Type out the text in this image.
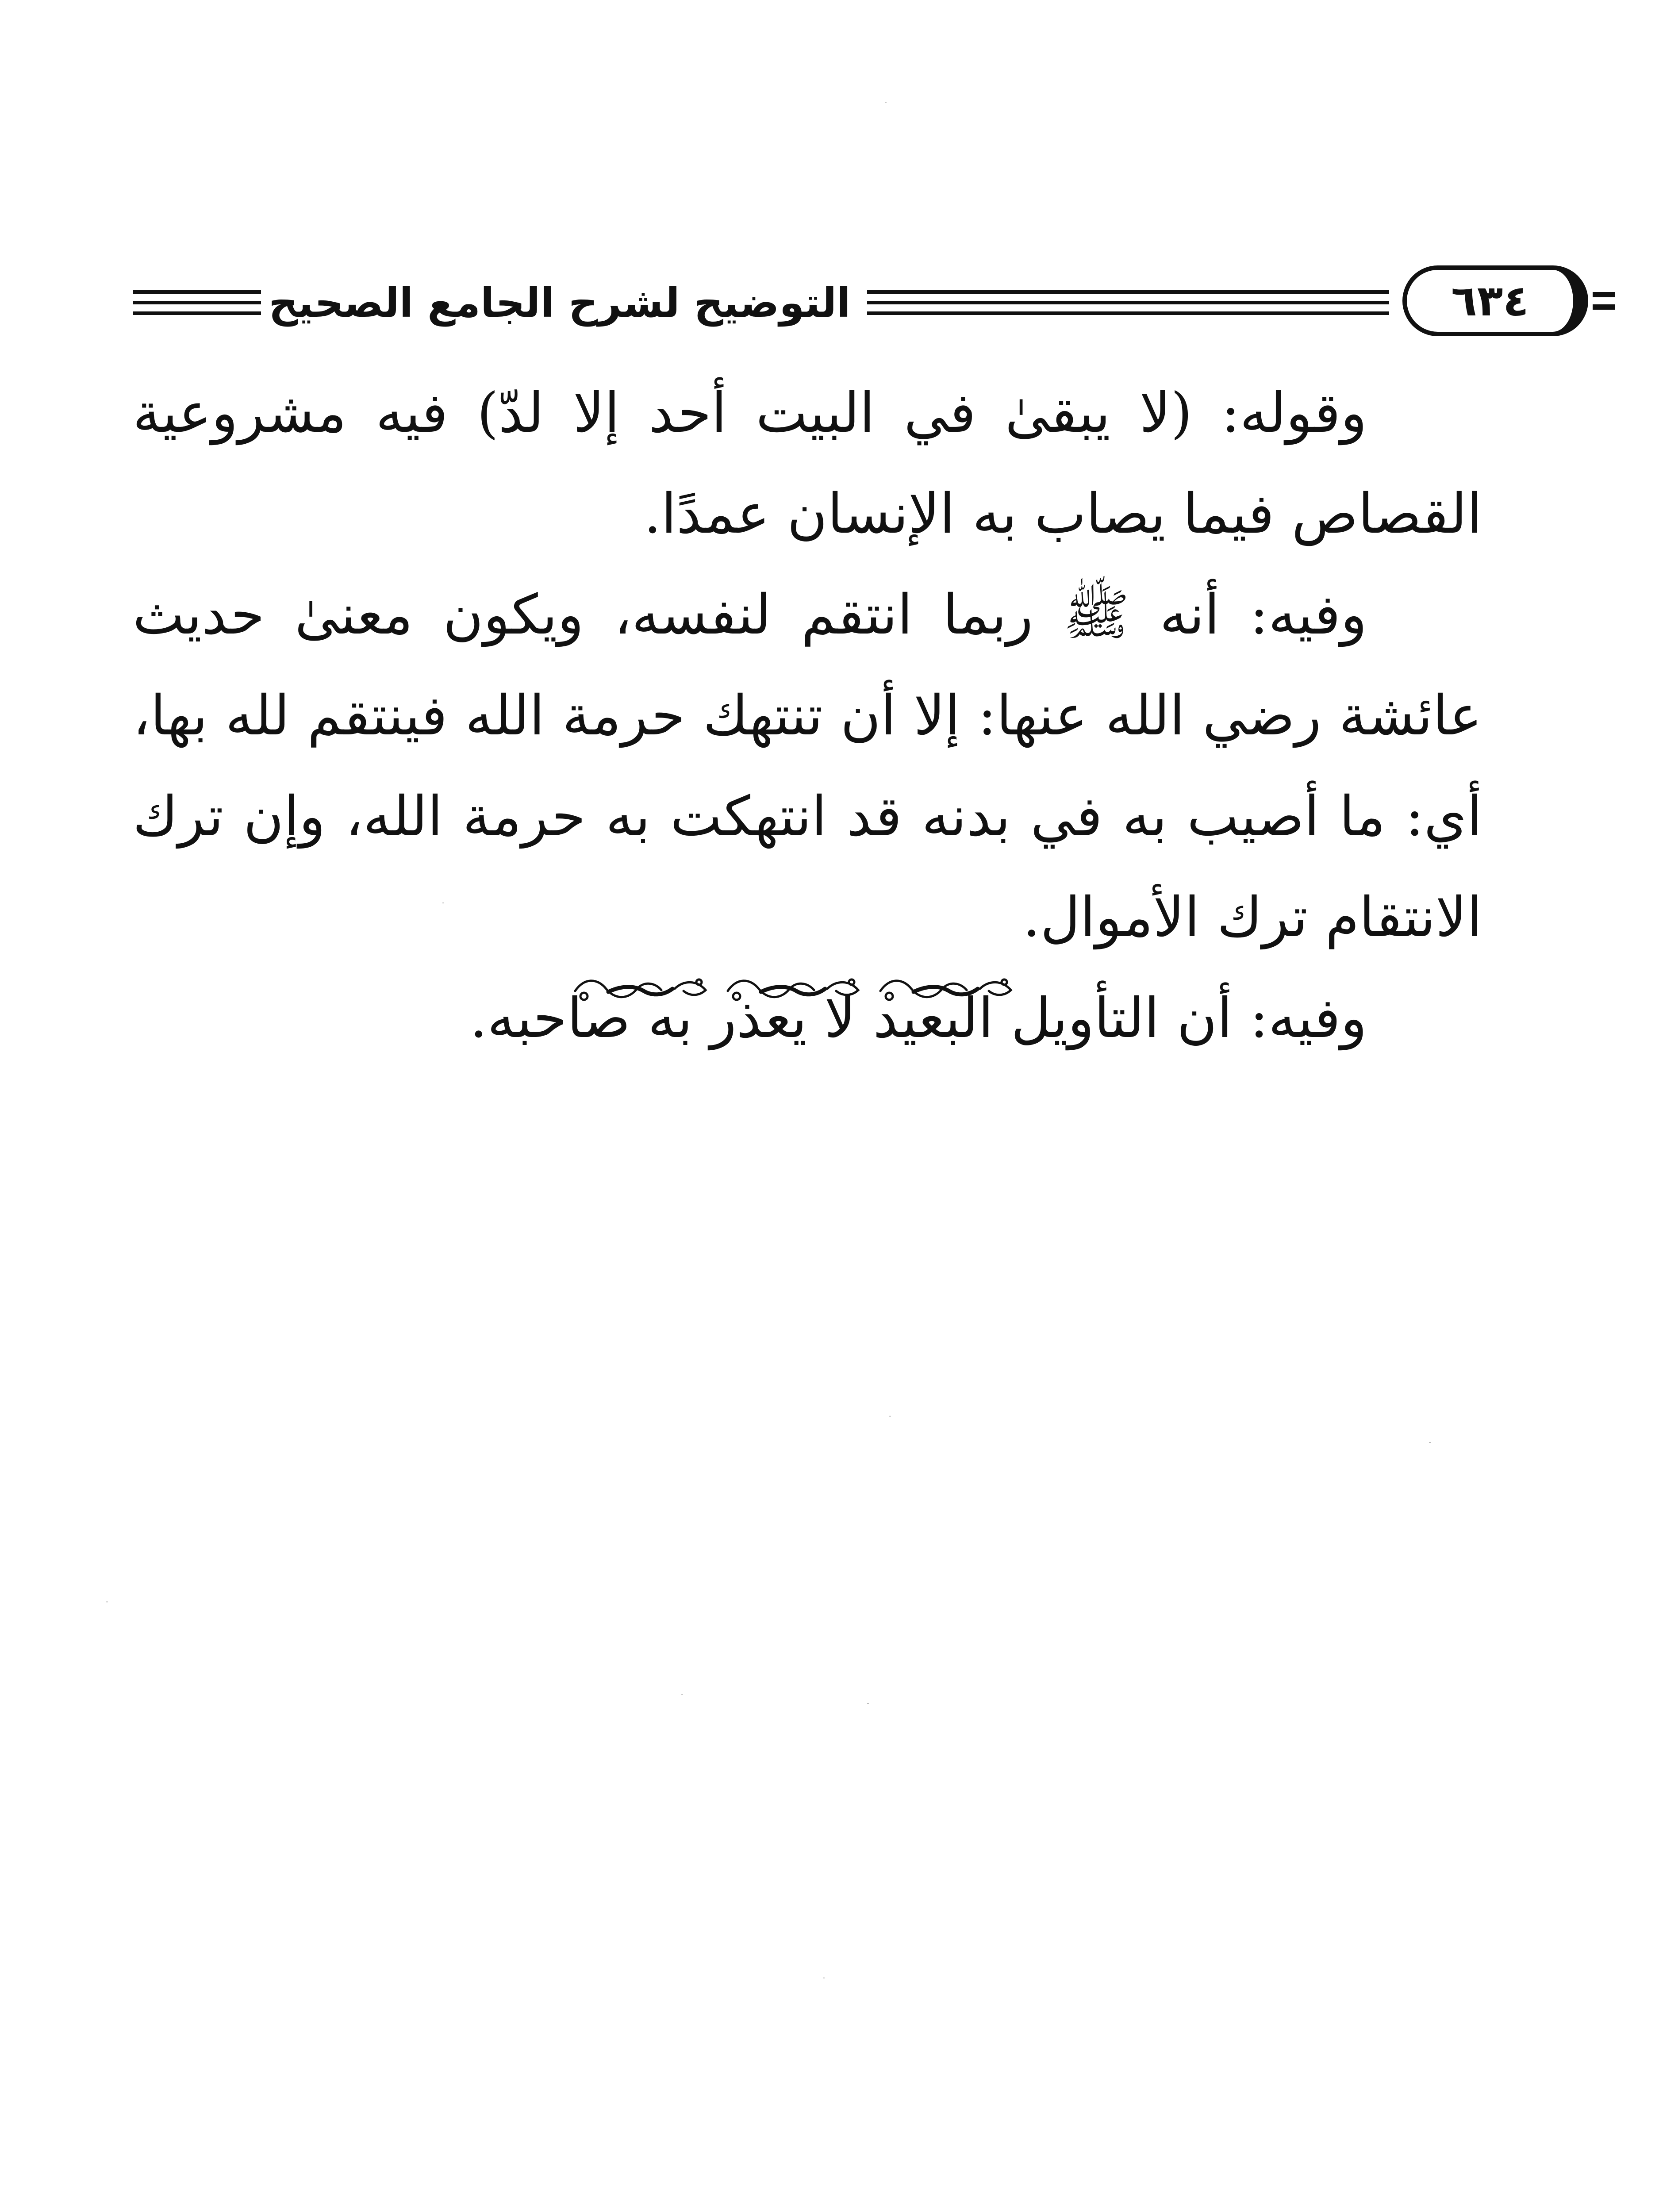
التوضيح لشرح الجامع الصحيح	٦٣٤

وقوله: (لا يبقىٰ في البيت أحد إلا لدّ) فيه مشروعية القصاص فيما يصاب به الإنسان عمدًا.

وفيه: أنه ﷺ ربما انتقم لنفسه، ويكون معنىٰ حديث عائشة رضي الله عنها: إلا أن تنتهك حرمة الله فينتقم لله بها، أي: ما أصيب به في بدنه قد انتهكت به حرمة الله، وإن ترك الانتقام ترك الأموال.

وفيه: أن التأويل البعيد لا يعذر به صاحبه.
